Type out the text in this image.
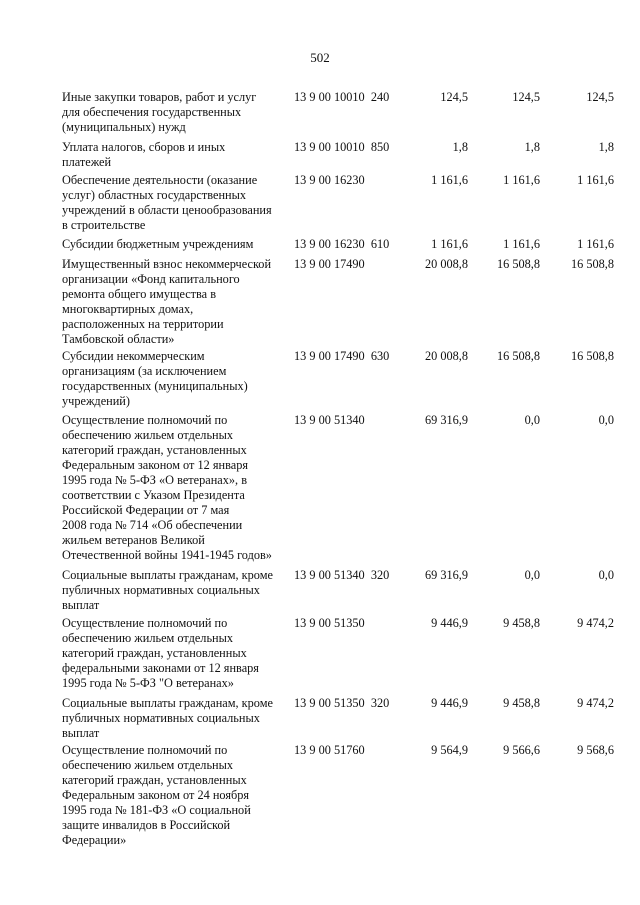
502
Иные закупки товаров, работ и услуг
для обеспечения государственных
(муниципальных) нужд
13 9 00 10010  240	124,5	124,5	124,5
Уплата налогов, сборов и иных
платежей
13 9 00 10010  850	1,8	1,8	1,8
Обеспечение деятельности (оказание
услуг) областных государственных
учреждений в области ценообразования
в строительстве
13 9 00 16230	1 161,6	1 161,6	1 161,6
Субсидии бюджетным учреждениям	13 9 00 16230  610	1 161,6	1 161,6	1 161,6
Имущественный взнос некоммерческой
организации «Фонд капитального
ремонта общего имущества в
многоквартирных домах,
расположенных на территории
Тамбовской области»
13 9 00 17490	20 008,8	16 508,8	16 508,8
Субсидии некоммерческим
организациям (за исключением
государственных (муниципальных)
учреждений)
13 9 00 17490  630	20 008,8	16 508,8	16 508,8
Осуществление полномочий по
обеспечению жильем отдельных
категорий граждан, установленных
Федеральным законом от 12 января
1995 года № 5-ФЗ «О ветеранах», в
соответствии с Указом Президента
Российской Федерации от 7 мая
2008 года № 714 «Об обеспечении
жильем ветеранов Великой
Отечественной войны 1941-1945 годов»
13 9 00 51340	69 316,9	0,0	0,0
Социальные выплаты гражданам, кроме
публичных нормативных социальных
выплат
13 9 00 51340  320	69 316,9	0,0	0,0
Осуществление полномочий по
обеспечению жильем отдельных
категорий граждан, установленных
федеральными законами от 12 января
1995 года № 5-ФЗ "О ветеранах»
13 9 00 51350	9 446,9	9 458,8	9 474,2
Социальные выплаты гражданам, кроме
публичных нормативных социальных
выплат
13 9 00 51350  320	9 446,9	9 458,8	9 474,2
Осуществление полномочий по
обеспечению жильем отдельных
категорий граждан, установленных
Федеральным законом от 24 ноября
1995 года № 181-ФЗ «О социальной
защите инвалидов в Российской
Федерации»
13 9 00 51760	9 564,9	9 566,6	9 568,6
